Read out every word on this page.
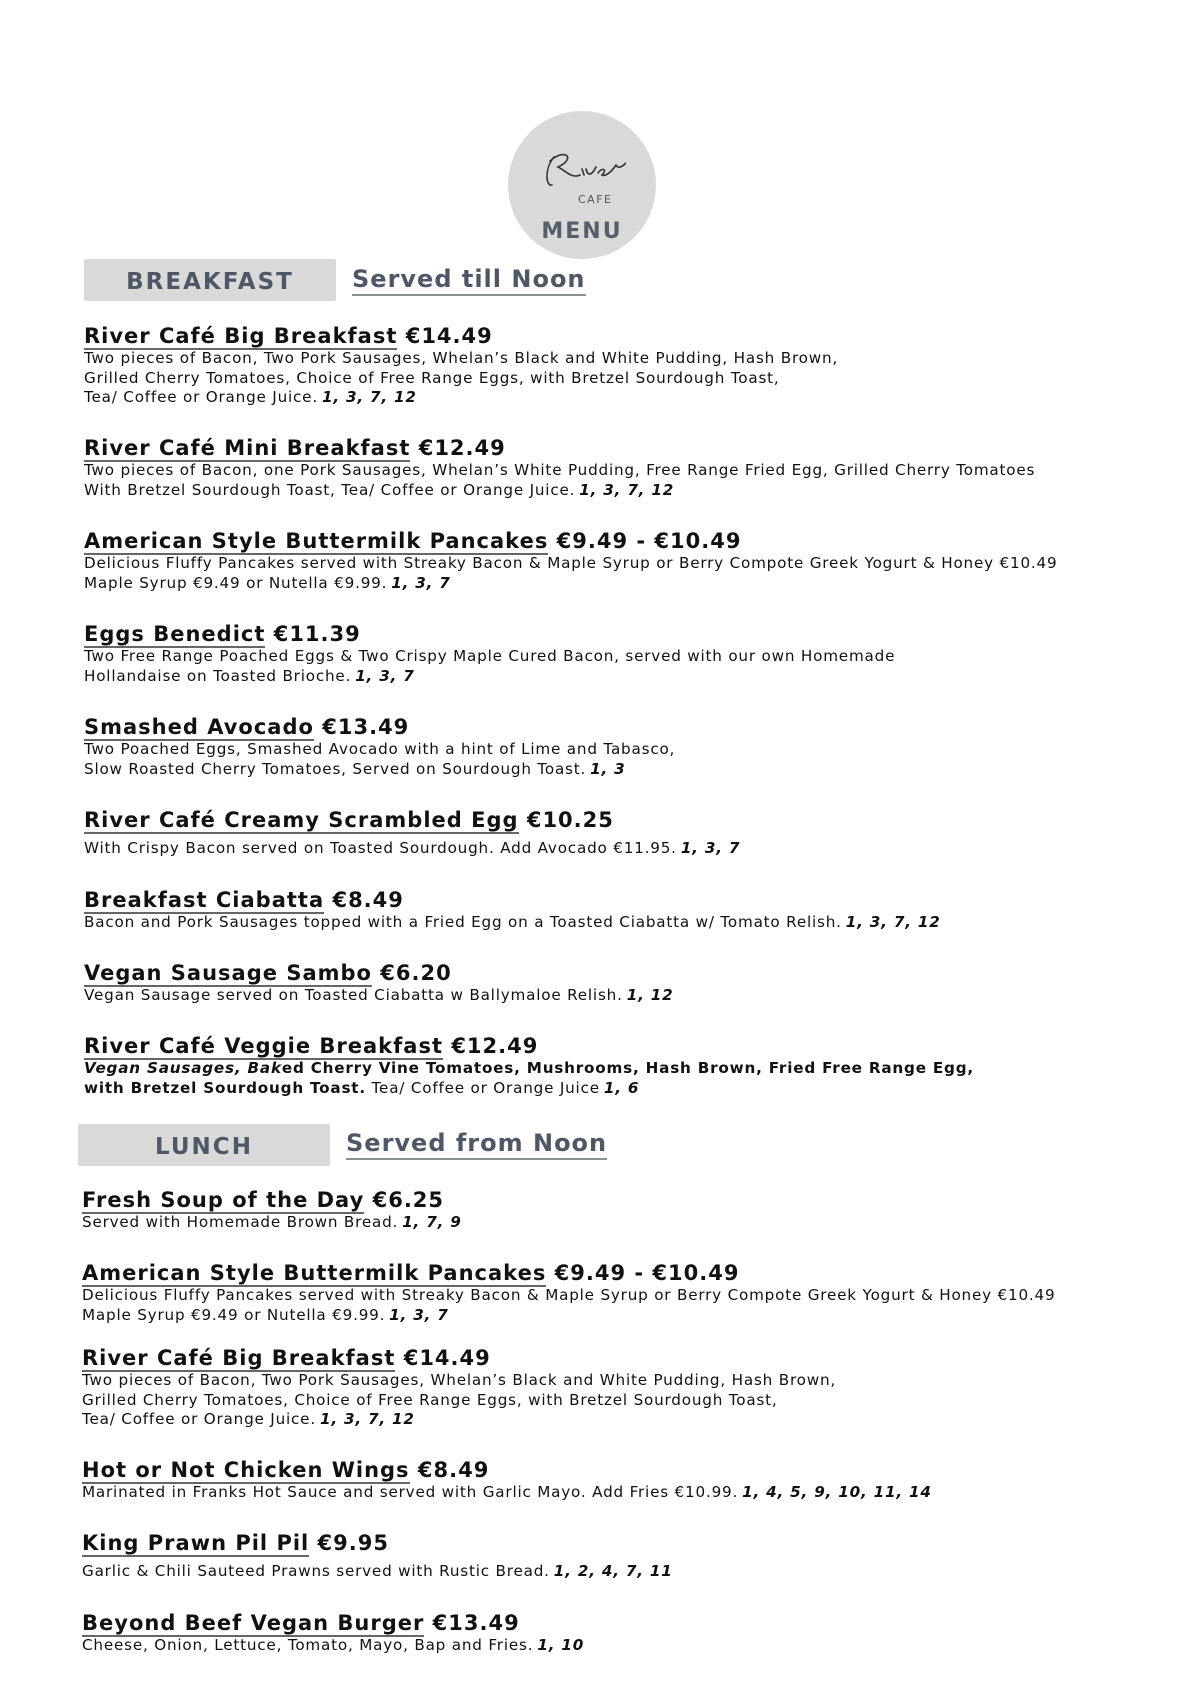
CAFE
MENU
BREAKFAST	Served till Noon
River Café Big Breakfast €14.49
Two pieces of Bacon, Two Pork Sausages, Whelan’s Black and White Pudding, Hash Brown,
Grilled Cherry Tomatoes, Choice of Free Range Eggs, with Bretzel Sourdough Toast,
Tea/ Coffee or Orange Juice. 1, 3, 7, 12
River Café Mini Breakfast €12.49
Two pieces of Bacon, one Pork Sausages, Whelan’s White Pudding, Free Range Fried Egg, Grilled Cherry Tomatoes
With Bretzel Sourdough Toast, Tea/ Coffee or Orange Juice. 1, 3, 7, 12
American Style Buttermilk Pancakes €9.49 - €10.49
Delicious Fluffy Pancakes served with Streaky Bacon & Maple Syrup or Berry Compote Greek Yogurt & Honey €10.49
Maple Syrup €9.49 or Nutella €9.99. 1, 3, 7
Eggs Benedict €11.39
Two Free Range Poached Eggs & Two Crispy Maple Cured Bacon, served with our own Homemade
Hollandaise on Toasted Brioche. 1, 3, 7
Smashed Avocado €13.49
Two Poached Eggs, Smashed Avocado with a hint of Lime and Tabasco,
Slow Roasted Cherry Tomatoes, Served on Sourdough Toast. 1, 3
River Café Creamy Scrambled Egg €10.25
With Crispy Bacon served on Toasted Sourdough. Add Avocado €11.95. 1, 3, 7
Breakfast Ciabatta €8.49
Bacon and Pork Sausages topped with a Fried Egg on a Toasted Ciabatta w/ Tomato Relish. 1, 3, 7, 12
Vegan Sausage Sambo €6.20
Vegan Sausage served on Toasted Ciabatta w Ballymaloe Relish. 1, 12
River Café Veggie Breakfast €12.49
Vegan Sausages, Baked Cherry Vine Tomatoes, Mushrooms, Hash Brown, Fried Free Range Egg,
with Bretzel Sourdough Toast. Tea/ Coffee or Orange Juice 1, 6
LUNCH	Served from Noon
Fresh Soup of the Day €6.25
Served with Homemade Brown Bread. 1, 7, 9
American Style Buttermilk Pancakes €9.49 - €10.49
Delicious Fluffy Pancakes served with Streaky Bacon & Maple Syrup or Berry Compote Greek Yogurt & Honey €10.49
Maple Syrup €9.49 or Nutella €9.99. 1, 3, 7
River Café Big Breakfast €14.49
Two pieces of Bacon, Two Pork Sausages, Whelan’s Black and White Pudding, Hash Brown,
Grilled Cherry Tomatoes, Choice of Free Range Eggs, with Bretzel Sourdough Toast,
Tea/ Coffee or Orange Juice. 1, 3, 7, 12
Hot or Not Chicken Wings €8.49
Marinated in Franks Hot Sauce and served with Garlic Mayo. Add Fries €10.99. 1, 4, 5, 9, 10, 11, 14
King Prawn Pil Pil €9.95
Garlic & Chili Sauteed Prawns served with Rustic Bread. 1, 2, 4, 7, 11
Beyond Beef Vegan Burger €13.49
Cheese, Onion, Lettuce, Tomato, Mayo, Bap and Fries. 1, 10
